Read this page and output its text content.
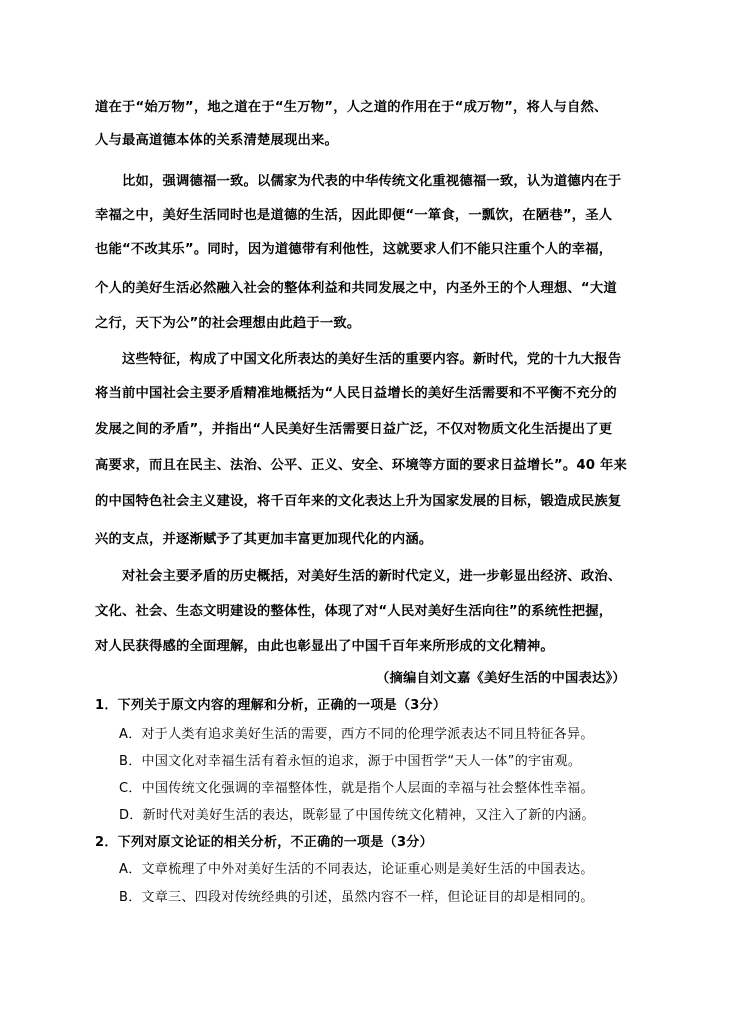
道在于“始万物”，地之道在于“生万物”，人之道的作用在于“成万物”，将人与自然、
人与最高道德本体的关系清楚展现出来。
比如，强调德福一致。以儒家为代表的中华传统文化重视德福一致，认为道德内在于
幸福之中，美好生活同时也是道德的生活，因此即便“一箪食，一瓢饮，在陋巷”，圣人
也能“不改其乐”。同时，因为道德带有利他性，这就要求人们不能只注重个人的幸福，
个人的美好生活必然融入社会的整体利益和共同发展之中，内圣外王的个人理想、“大道
之行，天下为公”的社会理想由此趋于一致。
这些特征，构成了中国文化所表达的美好生活的重要内容。新时代，党的十九大报告
将当前中国社会主要矛盾精准地概括为“人民日益增长的美好生活需要和不平衡不充分的
发展之间的矛盾”，并指出“人民美好生活需要日益广泛，不仅对物质文化生活提出了更
高要求，而且在民主、法治、公平、正义、安全、环境等方面的要求日益增长”。40 年来
的中国特色社会主义建设，将千百年来的文化表达上升为国家发展的目标，锻造成民族复
兴的支点，并逐渐赋予了其更加丰富更加现代化的内涵。
对社会主要矛盾的历史概括，对美好生活的新时代定义，进一步彰显出经济、政治、
文化、社会、生态文明建设的整体性，体现了对“人民对美好生活向往”的系统性把握，
对人民获得感的全面理解，由此也彰显出了中国千百年来所形成的文化精神。
（摘编自刘文嘉《美好生活的中国表达》）
1．下列关于原文内容的理解和分析，正确的一项是（3分）
A．对于人类有追求美好生活的需要，西方不同的伦理学派表达不同且特征各异。
B．中国文化对幸福生活有着永恒的追求，源于中国哲学“天人一体”的宇宙观。
C．中国传统文化强调的幸福整体性，就是指个人层面的幸福与社会整体性幸福。
D．新时代对美好生活的表达，既彰显了中国传统文化精神，又注入了新的内涵。
2．下列对原文论证的相关分析，不正确的一项是（3分）
A．文章梳理了中外对美好生活的不同表达，论证重心则是美好生活的中国表达。
B．文章三、四段对传统经典的引述，虽然内容不一样，但论证目的却是相同的。
